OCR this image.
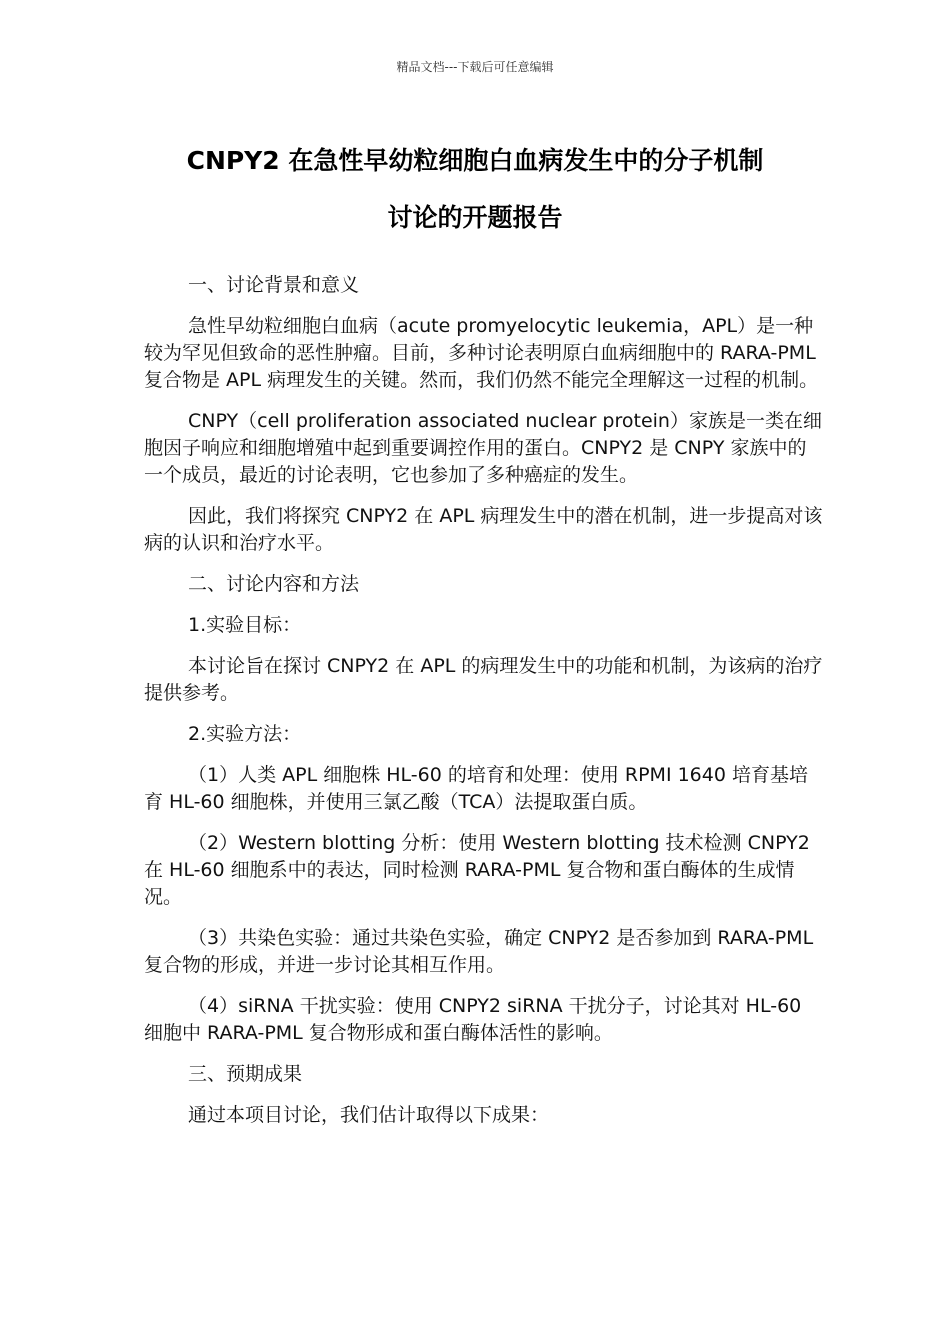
精品文档---下载后可任意编辑
CNPY2 在急性早幼粒细胞白血病发生中的分子机制
讨论的开题报告

一、讨论背景和意义

急性早幼粒细胞白血病（acute promyelocytic leukemia，APL）是一种较为罕见但致命的恶性肿瘤。目前，多种讨论表明原白血病细胞中的 RARA-PML 复合物是 APL 病理发生的关键。然而，我们仍然不能完全理解这一过程的机制。

CNPY（cell proliferation associated nuclear protein）家族是一类在细胞因子响应和细胞增殖中起到重要调控作用的蛋白。CNPY2 是 CNPY 家族中的一个成员，最近的讨论表明，它也参加了多种癌症的发生。

因此，我们将探究 CNPY2 在 APL 病理发生中的潜在机制，进一步提高对该病的认识和治疗水平。

二、讨论内容和方法

1.实验目标：

本讨论旨在探讨 CNPY2 在 APL 的病理发生中的功能和机制，为该病的治疗提供参考。

2.实验方法：

（1）人类 APL 细胞株 HL-60 的培育和处理：使用 RPMI 1640 培育基培育 HL-60 细胞株，并使用三氯乙酸（TCA）法提取蛋白质。

（2）Western blotting 分析：使用 Western blotting 技术检测 CNPY2 在 HL-60 细胞系中的表达，同时检测 RARA-PML 复合物和蛋白酶体的生成情况。

（3）共染色实验：通过共染色实验，确定 CNPY2 是否参加到 RARA-PML 复合物的形成，并进一步讨论其相互作用。

（4）siRNA 干扰实验：使用 CNPY2 siRNA 干扰分子，讨论其对 HL-60 细胞中 RARA-PML 复合物形成和蛋白酶体活性的影响。

三、预期成果

通过本项目讨论，我们估计取得以下成果：
